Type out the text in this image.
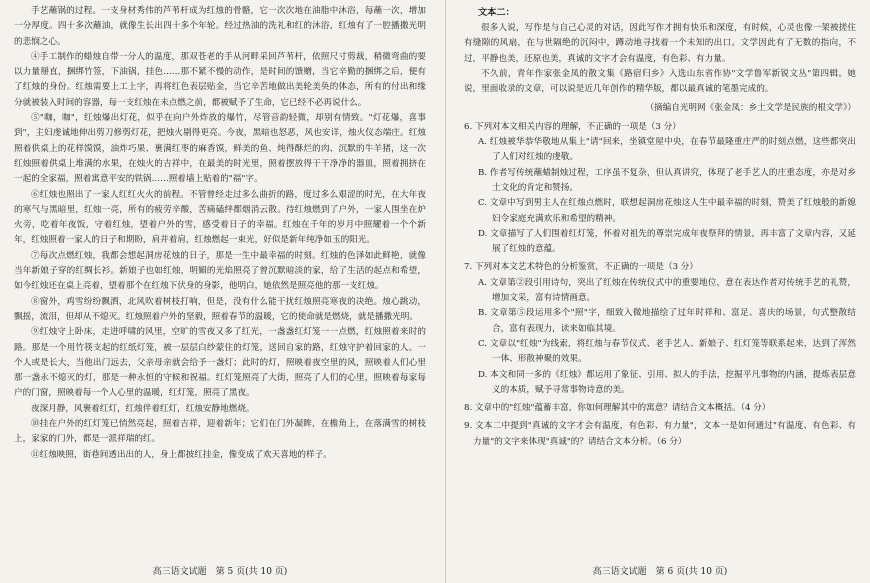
手艺蘸锅的过程。一支身材秀伟的芦苇杆成为红烛的骨骼，它一次次地在油脂中沐浴，每蘸一次，增加一分厚度。四十多次蘸油，就像生长出四十多个年轮。经过热油的洗礼和红的沐浴，红烛有了一腔播撒光明的悲悯之心。

④手工制作的蜡烛自带一分人的温度，那双苍老的手从河畔采回芦苇杆，依照尺寸剪裁，稍微弯曲的要以力量掰直，捆绑竹签，下油锅，挂色……那不紧不慢的动作，是时间的馈赠，当它辛勤的捆绑之后，便有了红烛的身份。红烛需要上工上字，再将红色表层贴金，当它辛苦地做出美轮美奂的体态，所有的付出和缘分就被装入时间的容器，每一支红烛在未点燃之前，都被赋予了生命，它已经不必再说什么。

⑤"咖，咖"，红烛爆出灯花，似乎在向户外炸放的爆竹，尽管音韵轻微，却别有情致。"灯花爆，喜事到"，主妇虔诚地伸出剪刀修剪灯花，把烛火剔得更亮。今夜，黑暗也怒恶，风也安详，烛火仪态端庄。红烛照着供桌上的花样馍馍，油炸巧果、裹满红枣的麻香馍，鲜美的鱼、炖得酥烂的肉、沉默的牛羊猪，这一次红烛照着供桌上堆满的水果，在烛火的吉祥中，在最美的时光里，照着摆放得干干净净的器皿，照着拥挤在一起的全家福，照着寓意平安的铁锅……照着墙上贴着的"福"字。

⑥红烛也照出了一家人红红火火的前程。不管曾经走过多么曲折的路，度过多么艰涩的时光，在大年夜的寒气与黑暗里，红烛一亮，所有的疲劳辛酸，苦痛磕绊都烟消云散。待红烛燃到了户外，一家人围坐在炉火旁，吃着年夜饭，守着红烛，望着户外的雪，感受着日子的幸福。红烛在千年的岁月中照耀着一个个新年，红烛照着一家人的日子和期盼，肩并着肩，红烛燃起一束光，好似是新年纯净如玉的阳光。

⑦每次点燃红烛，我都会想起洞房花烛的日子，那是一生中最幸福的时刻。红烛的色泽如此鲜艳，就像当年新娘子穿的红绸长衫。新娘子也如红烛，明媚的光焰照亮了曾沉默暗淡的家，给了生活的起点和希望，如今红烛还在桌上亮着，望着那个在红烛下伏身的身影，他明白，她依然是照亮他的那一支红烛。

⑧窗外，鸡雪纷纷飘洒，北风吹着树枝打响，但是，没有什么能干扰红烛照亮寒夜的决绝。烛心跳动，飘摇，流泪，但却从不熄灭。红烛照着户外的坚毅，照着春节的温暖，它的使命就是燃烧，就是播撒光明。

⑨红烛守上卧床，走进呼啸的风里，空旷的雪夜又多了红光，一盏盏红灯笼一一点燃，红烛照着来时的路。那是一个用竹筷支起的红纸灯笼，被一层层白纱蒙住的灯笼，送回自家的路，红烛守护着回家的人。一个人或是长大，当他出门远去，父亲母亲就会给予一盏灯；此时的灯，照映着夜空里的风，照映着人们心里那一盏永不熄灭的灯，那是一种永恒的守候和祝福。红灯笼照亮了大街，照亮了人们的心里，照映着每家每户的门窗，照映着每一个人心里的温暖，红灯笼，照亮了黑夜。

夜深月静，风裹着红灯，红烛伴着红灯，红烛安静地燃烧。

⑩挂在户外的红灯笼已悄然亮起，照着吉祥，迎着新年；它们在门外凝眸，在檐角上，在落满雪的树枝上，家家的门外，都是一派祥瑞的红。

⑪红烛映照，街巷间透出出的人，身上都披红挂金，像变成了欢天喜地的样子。

高三语文试题　第 5 页(共 10 页)

文本二：

很多人说，写作是与自己心灵的对话，因此写作才拥有快乐和深度，有时候，心灵也像一架被搓住有缝隙的风扇，在与世隔绝的沉闷中，蹲动地寻找着一个未知的出口。文学因此有了无数的指向，不过，平静也美，还原也美，真诚的文字才会有温度，有色彩、有力量。

不久前，青年作家张金凤的散文集《路宿归乡》入选山东省作协"文学鲁军新锐文丛"第四辑。她说，里面收录的文章，可以说是近几年创作的精华版，都以最真诚的笔墨完成的。

（摘编自光明网《张金凤：乡土文学是民族的根文学》）

6. 下列对本文相关内容的理解，不正确的一项是（3 分）

A. 红烛被华恭华敬地从集上"请"回来，坐镇堂屋中央，在春节最隆重庄严的时刻点燃，这些都突出了人们对红烛的虔敬。

B. 作者写传统蘸蜡制烛过程，工序虽不复杂，但认真讲究，体现了老手艺人的庄重态度，亦是对乡土文化的肯定和赞扬。

C. 文章中写到男主人在红烛点燃时，联想起洞房花烛这人生中最幸福的时刻，赞美了红烛般的新媳妇令家庭充满欢乐和希望的精神。

D. 文章描写了人们围着红灯笼，怀着对祖先的尊崇完成年夜祭拜的情景，再丰富了文章内容，又延展了红烛的意蕴。

7. 下列对本文艺术特色的分析鉴赏，不正确的一项是（3 分）

A. 文章第②段引用诗句，突出了红烛在传统仪式中的重要地位，意在表达作者对传统手艺的礼赞，增加文采，富有诗情画意。

B. 文章第⑤段运用多个"照"字，细致入微地描绘了过年时祥和、富足、喜庆的场景，句式整散结合，富有表现力，读来如临其境。

C. 文章以"红烛"为线索，将红烛与春节仪式、老手艺人、新娘子、红灯笼等联系起来，达到了浑然一体、形散神聚的效果。

D. 本文和同一多的《红烛》都运用了象征、引用、拟人的手法，挖掘平凡事物的内涵，提炼表层意义的本质，赋予寻常事物诗意的美。

8. 文章中的"红烛"蕴蓄丰富，你如何理解其中的寓意？请结合文本概括。（4 分）

9. 文本二中提到"真诚的文字才会有温度，有色彩、有力量"，文本一是如何通过"有温度、有色彩、有力量"的文字来体现"真诚"的？请结合文本分析。（6 分）

高三语文试题　第 6 页(共 10 页)
